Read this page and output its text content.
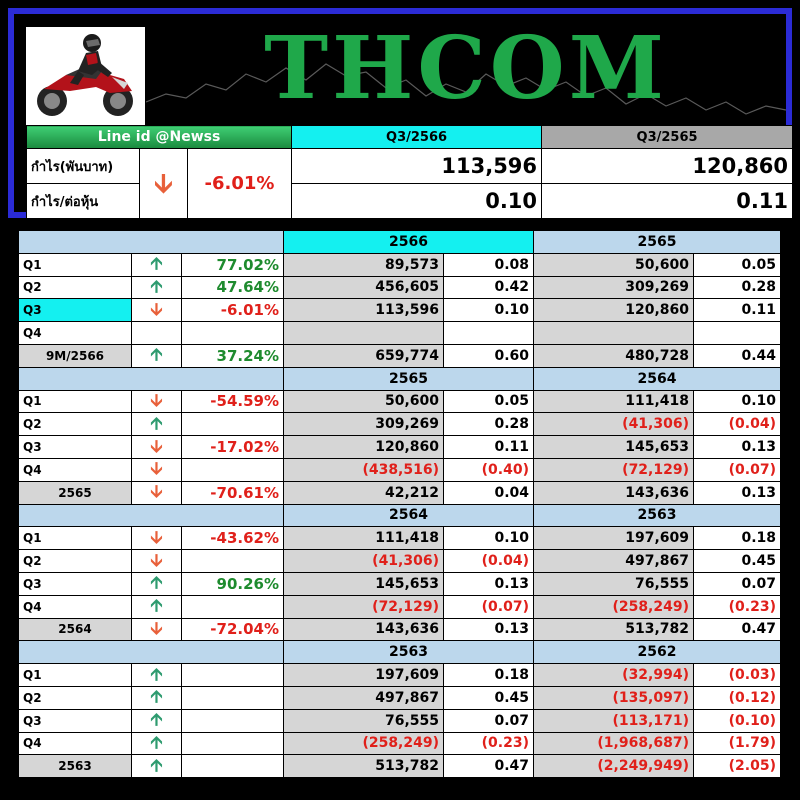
THCOM
Line id @Newss			Q3/2566	Q3/2565
กำไร(พันบาท)	🡫	-6.01%	113,596	120,860
กำไร/ต่อหุ้น			0.10	0.11
			2566		2565	
Q1	🡩	77.02%	89,573	0.08	50,600	0.05
Q2	🡩	47.64%	456,605	0.42	309,269	0.28
Q3	🡫	-6.01%	113,596	0.10	120,860	0.11
Q4						
9M/2566	🡩	37.24%	659,774	0.60	480,728	0.44
			2565		2564	
Q1	🡫	-54.59%	50,600	0.05	111,418	0.10
Q2	🡩		309,269	0.28	(41,306)	(0.04)
Q3	🡫	-17.02%	120,860	0.11	145,653	0.13
Q4	🡫		(438,516)	(0.40)	(72,129)	(0.07)
2565	🡫	-70.61%	42,212	0.04	143,636	0.13
			2564		2563	
Q1	🡫	-43.62%	111,418	0.10	197,609	0.18
Q2	🡫		(41,306)	(0.04)	497,867	0.45
Q3	🡩	90.26%	145,653	0.13	76,555	0.07
Q4	🡩		(72,129)	(0.07)	(258,249)	(0.23)
2564	🡫	-72.04%	143,636	0.13	513,782	0.47
			2563		2562	
Q1	🡩		197,609	0.18	(32,994)	(0.03)
Q2	🡩		497,867	0.45	(135,097)	(0.12)
Q3	🡩		76,555	0.07	(113,171)	(0.10)
Q4	🡩		(258,249)	(0.23)	(1,968,687)	(1.79)
2563	🡩		513,782	0.47	(2,249,949)	(2.05)
